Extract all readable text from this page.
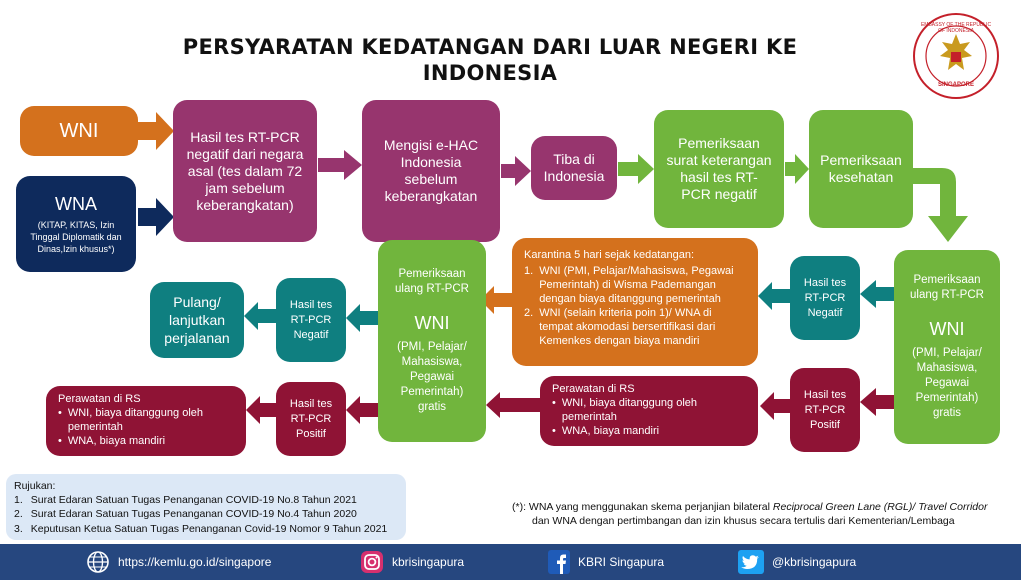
PERSYARATAN KEDATANGAN DARI LUAR NEGERI KE
INDONESIA	SINGAPORE
EMBASSY OF THE REPUBLIC OF INDONESIA
WNI
WNA
(KITAP, KITAS, Izin Tinggal Diplomatik dan Dinas,Izin khusus*)
Hasil tes RT-PCR negatif dari negara asal (tes dalam 72 jam sebelum keberangkatan)
Mengisi e-HAC Indonesia sebelum keberangkatan
Tiba di Indonesia
Pemeriksaan surat keterangan hasil tes RT-PCR negatif
Pemeriksaan kesehatan
Pemeriksaan ulang RT-PCR
WNI
(PMI, Pelajar/ Mahasiswa, Pegawai Pemerintah) gratis
Hasil tes RT-PCR Negatif
Karantina 5 hari sejak kedatangan:
1. WNI (PMI, Pelajar/Mahasiswa, Pegawai Pemerintah) di Wisma Pademangan dengan biaya ditanggung pemerintah
2. WNI (selain kriteria poin 1)/ WNA di tempat akomodasi bersertifikasi dari Kemenkes dengan biaya mandiri
Hasil tes RT-PCR Positif
Perawatan di RS
• WNI, biaya ditanggung oleh pemerintah
• WNA, biaya mandiri
Pemeriksaan ulang RT-PCR
WNI
(PMI, Pelajar/ Mahasiswa, Pegawai Pemerintah) gratis
Hasil tes RT-PCR Negatif
Pulang/ lanjutkan perjalanan
Hasil tes RT-PCR Positif
Perawatan di RS
• WNI, biaya ditanggung oleh pemerintah
• WNA, biaya mandiri
Rujukan:
1. Surat Edaran Satuan Tugas Penanganan COVID-19 No.8 Tahun 2021
2. Surat Edaran Satuan Tugas Penanganan COVID-19 No.4 Tahun 2020
3. Keputusan Ketua Satuan Tugas Penanganan Covid-19 Nomor 9 Tahun 2021
(*): WNA yang menggunakan skema perjanjian bilateral Reciprocal Green Lane (RGL)/ Travel Corridor
dan WNA dengan pertimbangan dan izin khusus secara tertulis dari Kementerian/Lembaga
https://kemlu.go.id/singapore	kbrisingapura	KBRI Singapura	@kbrisingapura
